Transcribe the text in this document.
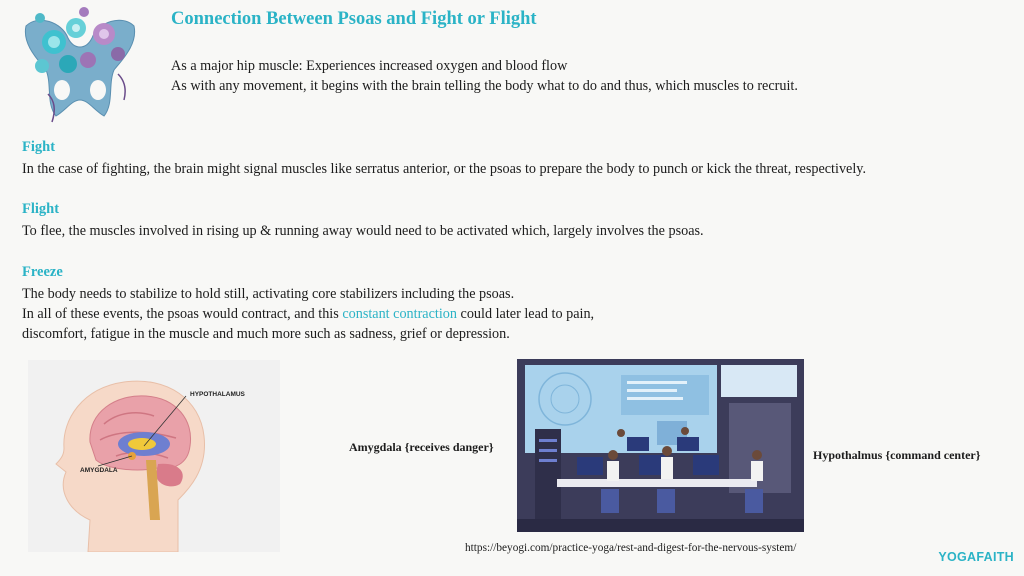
Connection Between Psoas and Fight or Flight
As a major hip muscle: Experiences increased oxygen and blood flow
As with any movement, it begins with the brain telling the body what to do and thus, which muscles to recruit.
Fight
In the case of fighting, the brain might signal muscles like serratus anterior, or the psoas to prepare the body to punch or kick the threat, respectively.
Flight
To flee, the muscles involved in rising up & running away would need to be activated which, largely involves the psoas.
Freeze
The body needs to stabilize to hold still, activating core stabilizers including the psoas.
In all of these events, the psoas would contract, and this constant contraction could later lead to pain,
discomfort, fatigue in the muscle and much more such as sadness, grief or depression.
HYPOTHALAMUS
AMYGDALA
Amygdala {receives danger}
Hypothalmus {command center}
https://beyogi.com/practice-yoga/rest-and-digest-for-the-nervous-system/
YOGAFAITH
